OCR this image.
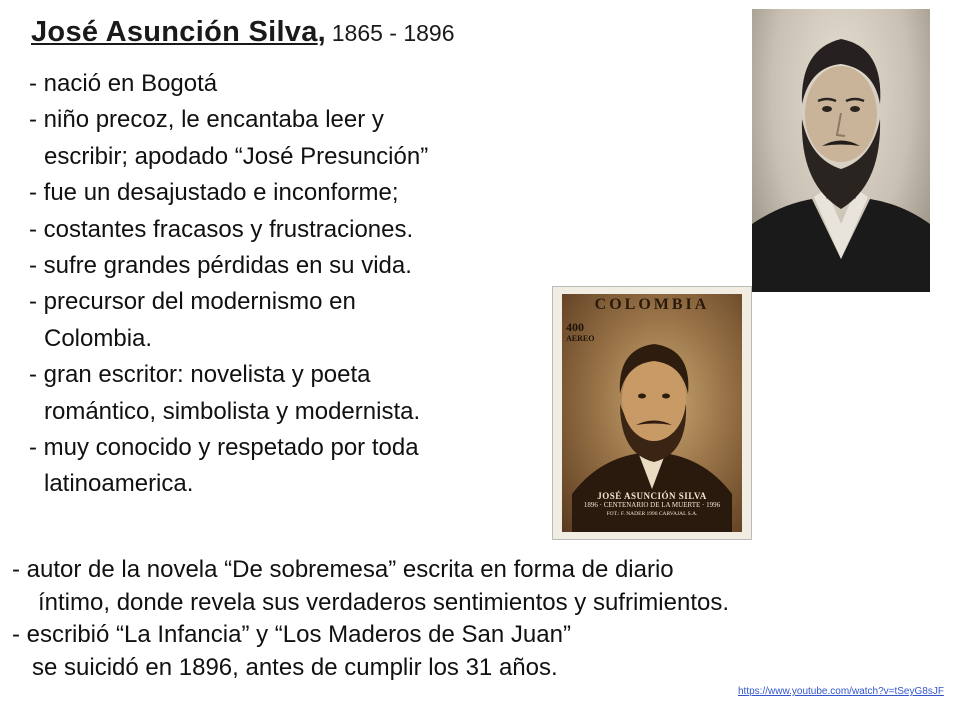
José Asunción Silva, 1865 - 1896
- nació en Bogotá
- niño precoz, le encantaba leer y
escribir; apodado “José Presunción”
- fue un desajustado e inconforme;
- costantes fracasos y frustraciones.
- sufre grandes pérdidas en su vida.
- precursor del modernismo en
Colombia.
- gran escritor: novelista y poeta
romántico, simbolista y modernista.
- muy conocido y respetado por toda
latinoamerica.
COLOMBIA
400
AEREO
JOSÉ ASUNCIÓN SILVA
1896 · CENTENARIO DE LA MUERTE · 1996
FOT.: F. NADER 1996 CARVAJAL S.A.
- autor de la novela “De sobremesa” escrita en forma de diario
íntimo, donde revela sus verdaderos sentimientos y sufrimientos.
- escribió “La Infancia” y “Los Maderos de San Juan”
se suicidó en 1896, antes de cumplir los 31 años.
https://www.youtube.com/watch?v=tSeyG8sJF
